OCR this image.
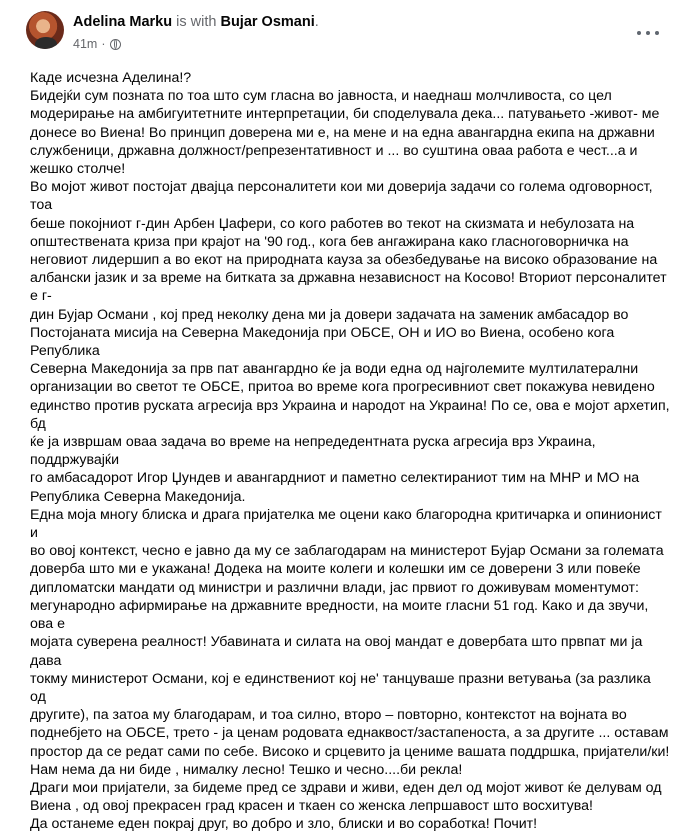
Adelina Marku is with Bujar Osmani.
41m ·

Каде исчезна Аделина!?
Бидејќи сум позната по тоа што сум гласна во јавноста, и наеднаш молчливоста, со цел
модерирање на амбигуитетните интерпретации, би споделувала дека... патувањето -живот- ме
донесе во Виена! Во принцип доверена ми е, на мене и на една авангардна екипа на државни
службеници, државна должност/репрезентативност и ... во суштина оваа работа е чест...а и
жешко столче!

Во мојот живот постојат двајца персоналитети кои ми доверија задачи со голема одговорност, тоа
беше покојниот г-дин Арбен Џафери, со кого работев во текот на скизмата и небулозата на
општествената криза при крајот на '90 год., кога бев ангажирана како гласноговорничка на
неговиот лидершип а во екот на природната кауза за обезбедување на високо образование на
албански јазик и за време на битката за државна независност на Косово! Вториот персоналитет е г-
дин Бујар Османи , кој пред неколку дена ми ја довери задачата на заменик амбасадор во
Постојаната мисија на Северна Македонија при ОБСЕ, ОН и ИО во Виена, особено кога Република
Северна Македонија за прв пат авангардно ќе ја води една од најголемите мултилатерални
организации во светот те ОБСЕ, притоа во време кога прогресивниот свет покажува невидено
единство против руската агресија врз Украина и народот на Украина! По се, ова е мојот архетип, бд
ќе ја извршам оваа задача во време на непредедентната руска агресија врз Украина, поддржувајќи
го амбасадорот Игор Џундев и авангардниот и паметно селектираниот тим на МНР и МО на
Република Северна Македонија.

Една моја многу блиска и драга пријателка ме оцени како благородна критичарка и опинионист и
во овој контекст, чесно е јавно да му се заблагодарам на министерот Бујар Османи за големата
доверба што ми е укажана! Додека на моите колеги и колешки им се доверени 3 или повеќе
дипломатски мандати од министри и различни влади, јас првиот го доживувам моментумот:
мегународно афирмирање на државните вредности, на моите гласни 51 год. Како и да звучи, ова е
мојата суверена реалност! Убавината и силата на овој мандат е довербата што првпат ми ја дава
токму министерот Османи, кој е единствениот кој не' танцуваше празни ветувања (за разлика од
другите), па затоа му благодарам, и тоа силно, второ – повторно, контекстот на војната во
поднебјето на ОБСЕ, трето - ја ценам родовата еднаквост/застапеноста, а за другите ... оставам
простор да се редат сами по себе. Високо и срцевито ја цениме вашата поддршка, пријатели/ки!
Нам нема да ни биде , нималку лесно! Тешко и чесно....би рекла!
Драги мои пријатели, за бидеме пред се здрави и живи, еден дел од мојот живот ќе делувам од
Виена , од овој прекрасен град красен и ткаен со женска лепршавост што восхитува!
Да останеме еден покрај друг, во добро и зло, блиски и во соработка! Почит!
